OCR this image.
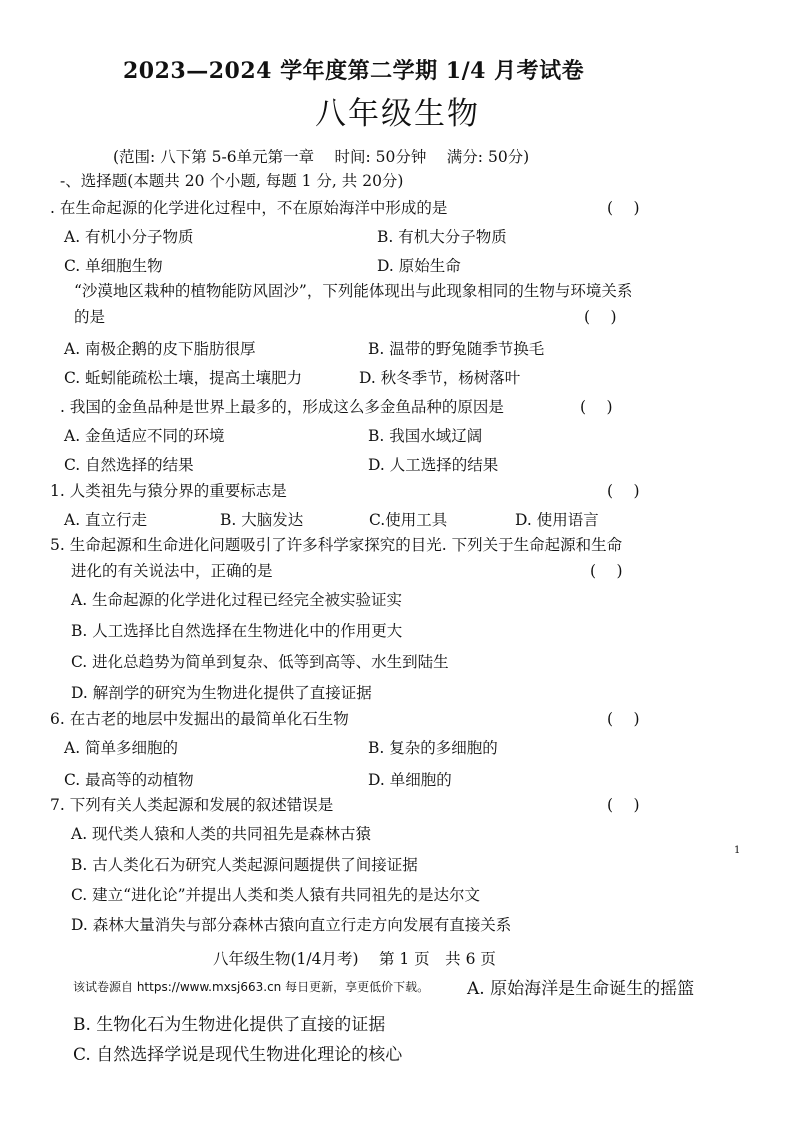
2023—2024 学年度第二学期 1/4 月考试卷
八年级生物
(范围: 八下第 5-6单元第一章　 时间: 50分钟　 满分: 50分)
-、选择题(本题共 20 个小题, 每题 1 分, 共 20分)
. 在生命起源的化学进化过程中，不在原始海洋中形成的是	(　 )
A. 有机小分子物质	B. 有机大分子物质
C. 单细胞生物	D. 原始生命
“沙漠地区栽种的植物能防风固沙”，下列能体现出与此现象相同的生物与环境关系
的是	(　 )
A. 南极企鹅的皮下脂肪很厚	B. 温带的野兔随季节换毛
C. 蚯蚓能疏松土壤，提高土壤肥力	D. 秋冬季节，杨树落叶
. 我国的金鱼品种是世界上最多的，形成这么多金鱼品种的原因是	(　 )
A. 金鱼适应不同的环境	B. 我国水域辽阔
C. 自然选择的结果	D. 人工选择的结果
1. 人类祖先与猿分界的重要标志是	(　 )
A. 直立行走	B. 大脑发达	C.使用工具	D. 使用语言
5. 生命起源和生命进化问题吸引了许多科学家探究的目光. 下列关于生命起源和生命
进化的有关说法中，正确的是	(　 )
A. 生命起源的化学进化过程已经完全被实验证实
B. 人工选择比自然选择在生物进化中的作用更大
C. 进化总趋势为简单到复杂、低等到高等、水生到陆生
D. 解剖学的研究为生物进化提供了直接证据
6. 在古老的地层中发掘出的最简单化石生物	(　 )
A. 简单多细胞的	B. 复杂的多细胞的
C. 最高等的动植物	D. 单细胞的
7. 下列有关人类起源和发展的叙述错误是	(　 )
A. 现代类人猿和人类的共同祖先是森林古猿
B. 古人类化石为研究人类起源问题提供了间接证据
C. 建立“进化论”并提出人类和类人猿有共同祖先的是达尔文
D. 森林大量消失与部分森林古猿向直立行走方向发展有直接关系
1
八年级生物(1/4月考)　 第 1 页　共 6 页
该试卷源自 https://www.mxsj663.cn 每日更新，享更低价下载。 A. 原始海洋是生命诞生的摇篮
B. 生物化石为生物进化提供了直接的证据
C. 自然选择学说是现代生物进化理论的核心
